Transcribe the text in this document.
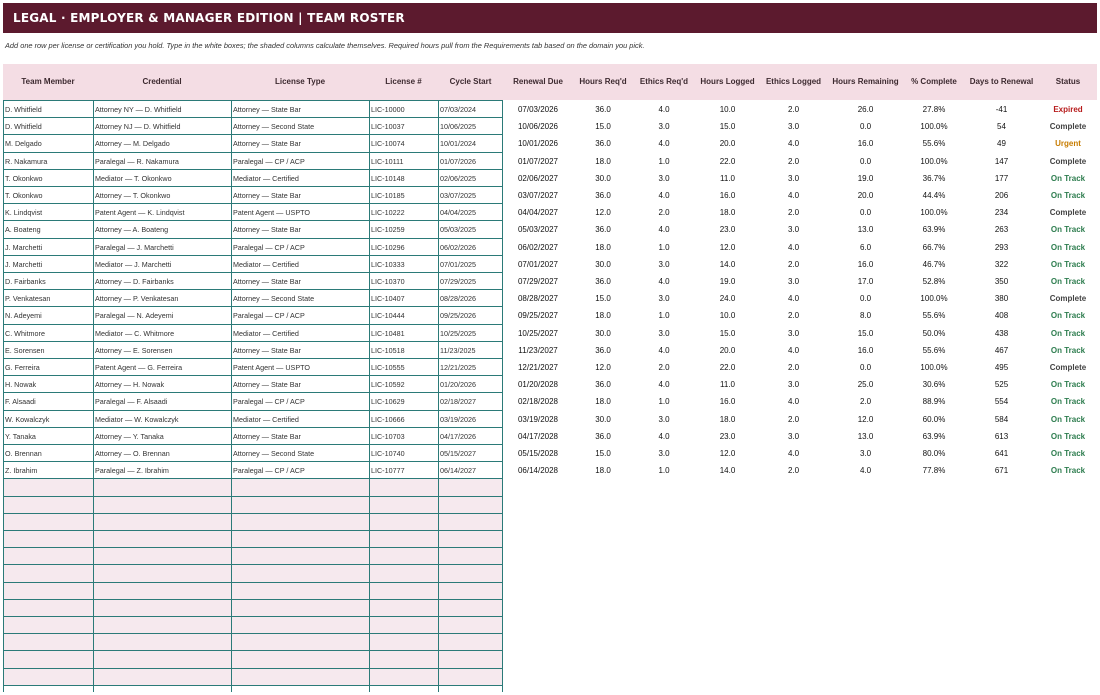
LEGAL · EMPLOYER & MANAGER EDITION | TEAM ROSTER
Add one row per license or certification you hold. Type in the white boxes; the shaded columns calculate themselves. Required hours pull from the Requirements tab based on the domain you pick.
Team Member	Credential	License Type	License #	Cycle Start	Renewal Due	Hours Req'd	Ethics Req'd	Hours Logged	Ethics Logged	Hours Remaining	% Complete	Days to Renewal	Status
D. Whitfield	Attorney NY — D. Whitfield	Attorney — State Bar	LIC-10000	07/03/2024	07/03/2026	36.0	4.0	10.0	2.0	26.0	27.8%	-41	Expired
D. Whitfield	Attorney NJ — D. Whitfield	Attorney — Second State	LIC-10037	10/06/2025	10/06/2026	15.0	3.0	15.0	3.0	0.0	100.0%	54	Complete
M. Delgado	Attorney — M. Delgado	Attorney — State Bar	LIC-10074	10/01/2024	10/01/2026	36.0	4.0	20.0	4.0	16.0	55.6%	49	Urgent
R. Nakamura	Paralegal — R. Nakamura	Paralegal — CP / ACP	LIC-10111	01/07/2026	01/07/2027	18.0	1.0	22.0	2.0	0.0	100.0%	147	Complete
T. Okonkwo	Mediator — T. Okonkwo	Mediator — Certified	LIC-10148	02/06/2025	02/06/2027	30.0	3.0	11.0	3.0	19.0	36.7%	177	On Track
T. Okonkwo	Attorney — T. Okonkwo	Attorney — State Bar	LIC-10185	03/07/2025	03/07/2027	36.0	4.0	16.0	4.0	20.0	44.4%	206	On Track
K. Lindqvist	Patent Agent — K. Lindqvist	Patent Agent — USPTO	LIC-10222	04/04/2025	04/04/2027	12.0	2.0	18.0	2.0	0.0	100.0%	234	Complete
A. Boateng	Attorney — A. Boateng	Attorney — State Bar	LIC-10259	05/03/2025	05/03/2027	36.0	4.0	23.0	3.0	13.0	63.9%	263	On Track
J. Marchetti	Paralegal — J. Marchetti	Paralegal — CP / ACP	LIC-10296	06/02/2026	06/02/2027	18.0	1.0	12.0	4.0	6.0	66.7%	293	On Track
J. Marchetti	Mediator — J. Marchetti	Mediator — Certified	LIC-10333	07/01/2025	07/01/2027	30.0	3.0	14.0	2.0	16.0	46.7%	322	On Track
D. Fairbanks	Attorney — D. Fairbanks	Attorney — State Bar	LIC-10370	07/29/2025	07/29/2027	36.0	4.0	19.0	3.0	17.0	52.8%	350	On Track
P. Venkatesan	Attorney — P. Venkatesan	Attorney — Second State	LIC-10407	08/28/2026	08/28/2027	15.0	3.0	24.0	4.0	0.0	100.0%	380	Complete
N. Adeyemi	Paralegal — N. Adeyemi	Paralegal — CP / ACP	LIC-10444	09/25/2026	09/25/2027	18.0	1.0	10.0	2.0	8.0	55.6%	408	On Track
C. Whitmore	Mediator — C. Whitmore	Mediator — Certified	LIC-10481	10/25/2025	10/25/2027	30.0	3.0	15.0	3.0	15.0	50.0%	438	On Track
E. Sorensen	Attorney — E. Sorensen	Attorney — State Bar	LIC-10518	11/23/2025	11/23/2027	36.0	4.0	20.0	4.0	16.0	55.6%	467	On Track
G. Ferreira	Patent Agent — G. Ferreira	Patent Agent — USPTO	LIC-10555	12/21/2025	12/21/2027	12.0	2.0	22.0	2.0	0.0	100.0%	495	Complete
H. Nowak	Attorney — H. Nowak	Attorney — State Bar	LIC-10592	01/20/2026	01/20/2028	36.0	4.0	11.0	3.0	25.0	30.6%	525	On Track
F. Alsaadi	Paralegal — F. Alsaadi	Paralegal — CP / ACP	LIC-10629	02/18/2027	02/18/2028	18.0	1.0	16.0	4.0	2.0	88.9%	554	On Track
W. Kowalczyk	Mediator — W. Kowalczyk	Mediator — Certified	LIC-10666	03/19/2026	03/19/2028	30.0	3.0	18.0	2.0	12.0	60.0%	584	On Track
Y. Tanaka	Attorney — Y. Tanaka	Attorney — State Bar	LIC-10703	04/17/2026	04/17/2028	36.0	4.0	23.0	3.0	13.0	63.9%	613	On Track
O. Brennan	Attorney — O. Brennan	Attorney — Second State	LIC-10740	05/15/2027	05/15/2028	15.0	3.0	12.0	4.0	3.0	80.0%	641	On Track
Z. Ibrahim	Paralegal — Z. Ibrahim	Paralegal — CP / ACP	LIC-10777	06/14/2027	06/14/2028	18.0	1.0	14.0	2.0	4.0	77.8%	671	On Track
